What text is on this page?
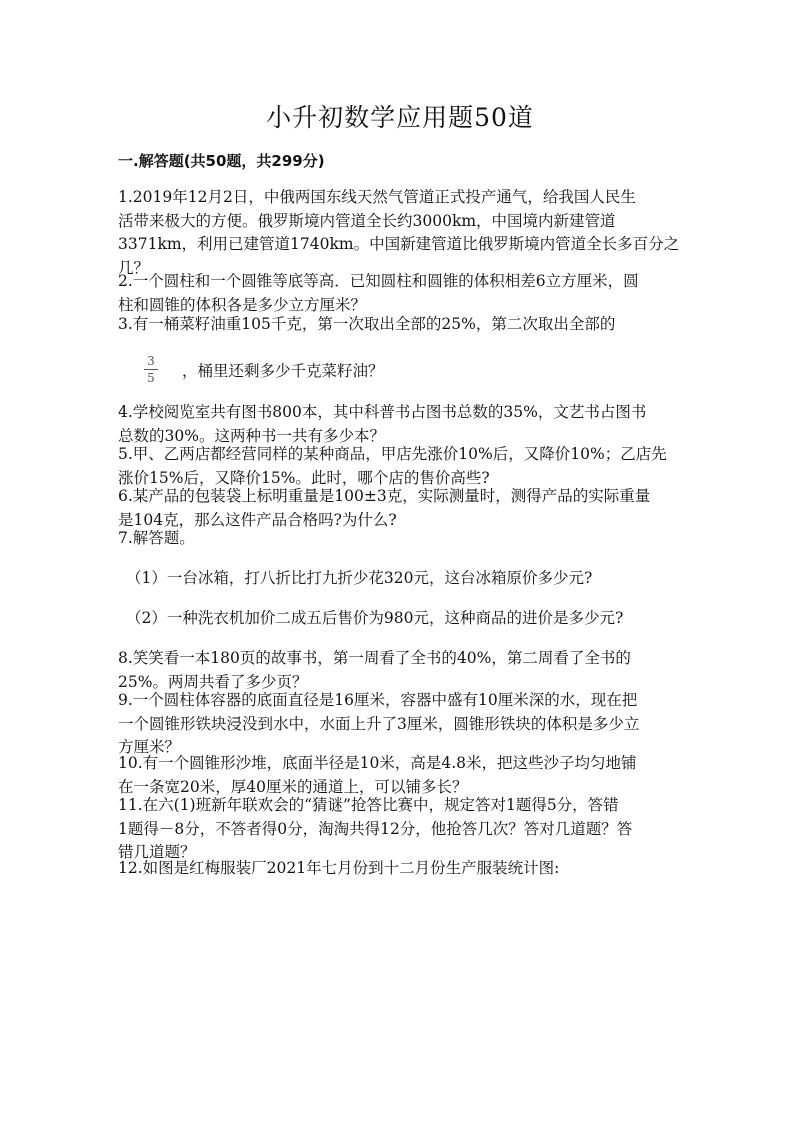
小升初数学应用题50道
一.解答题(共50题，共299分)
1.2019年12月2日，中俄两国东线天然气管道正式投产通气，给我国人民生
活带来极大的方便。俄罗斯境内管道全长约3000km，中国境内新建管道
3371km，利用已建管道1740km。中国新建管道比俄罗斯境内管道全长多百分之
几？
2.一个圆柱和一个圆锥等底等高．已知圆柱和圆锥的体积相差6立方厘米，圆
柱和圆锥的体积各是多少立方厘米？
3.有一桶菜籽油重105千克，第一次取出全部的25%，第二次取出全部的
3
5 ，桶里还剩多少千克菜籽油？
4.学校阅览室共有图书800本，其中科普书占图书总数的35%，文艺书占图书
总数的30%。这两种书一共有多少本？
5.甲、乙两店都经营同样的某种商品，甲店先涨价10%后，又降价10%；乙店先
涨价15%后，又降价15%。此时，哪个店的售价高些?
6.某产品的包装袋上标明重量是100±3克，实际测量时，测得产品的实际重量
是104克，那么这件产品合格吗?为什么?
7.解答题。
（1）一台冰箱，打八折比打九折少花320元，这台冰箱原价多少元?
（2）一种洗衣机加价二成五后售价为980元，这种商品的进价是多少元?
8.笑笑看一本180页的故事书，第一周看了全书的40%，第二周看了全书的
25%。两周共看了多少页？
9.一个圆柱体容器的底面直径是16厘米，容器中盛有10厘米深的水，现在把
一个圆锥形铁块浸没到水中，水面上升了3厘米，圆锥形铁块的体积是多少立
方厘米？
10.有一个圆锥形沙堆，底面半径是10米，高是4.8米，把这些沙子均匀地铺
在一条宽20米，厚40厘米的通道上，可以铺多长？
11.在六(1)班新年联欢会的“猜谜”抢答比赛中，规定答对1题得5分，答错
1题得－8分，不答者得0分，淘淘共得12分，他抢答几次？答对几道题？答
错几道题？
12.如图是红梅服装厂2021年七月份到十二月份生产服装统计图:
